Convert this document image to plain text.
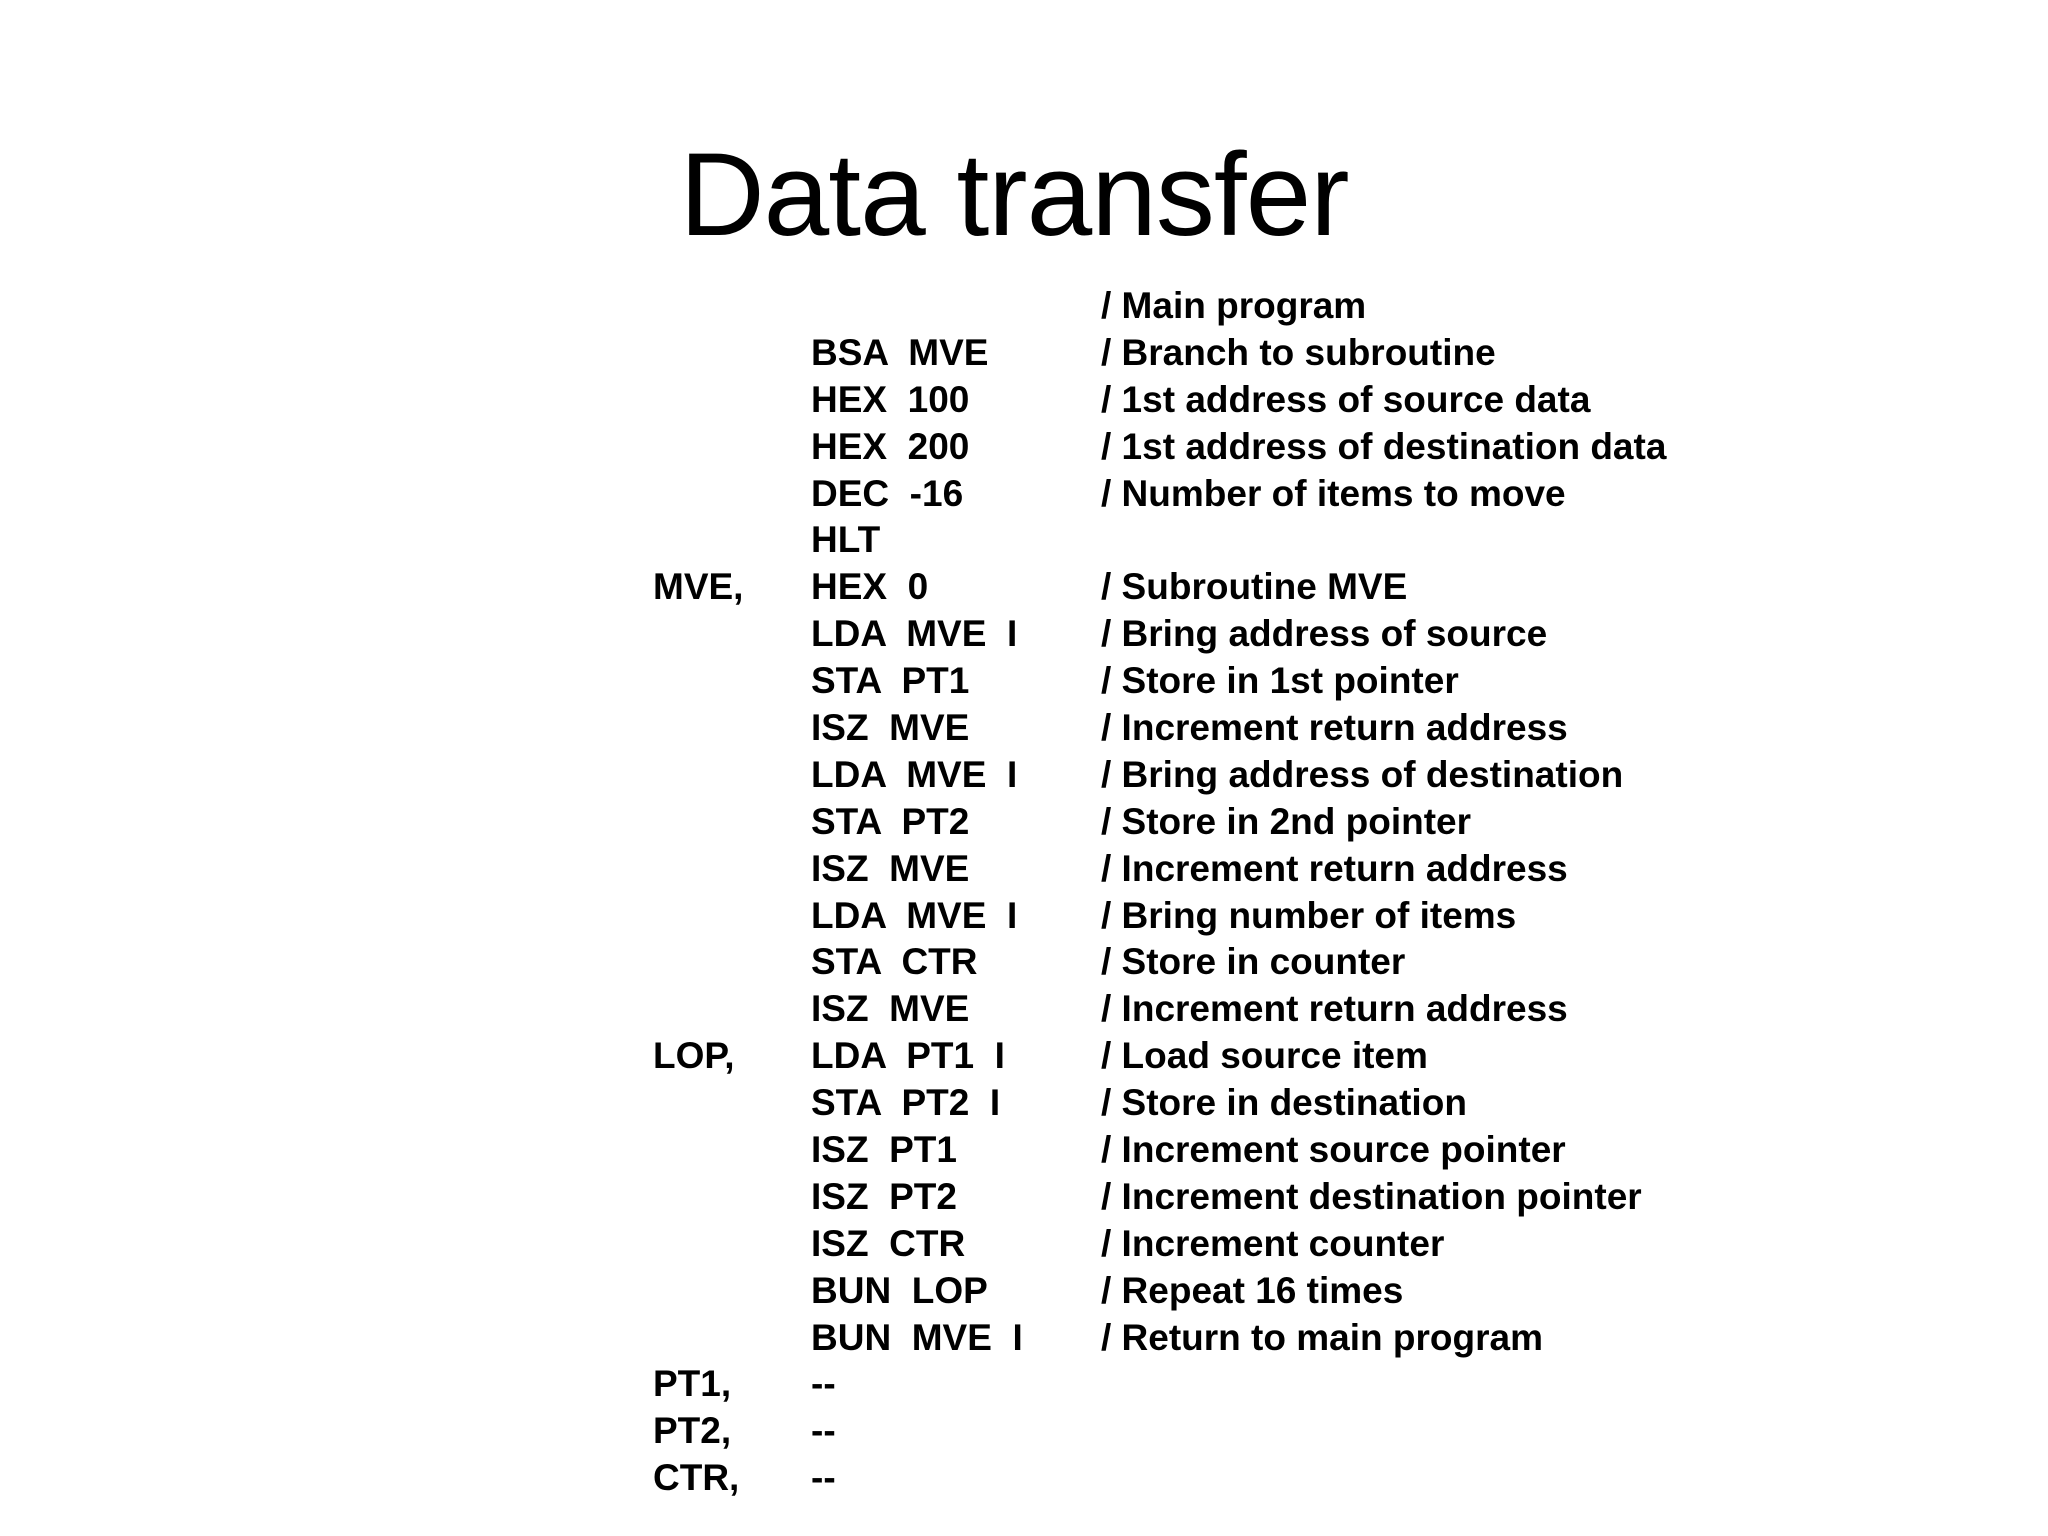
Data transfer
/ Main program
BSA  MVE	/ Branch to subroutine
HEX  100	/ 1st address of source data
HEX  200	/ 1st address of destination data
DEC  -16	/ Number of items to move
HLT
MVE, HEX  0	/ Subroutine MVE
LDA  MVE  I / Bring address of source
STA  PT1	/ Store in 1st pointer
ISZ  MVE	/ Increment return address
LDA  MVE  I / Bring address of destination
STA  PT2	/ Store in 2nd pointer
ISZ  MVE	/ Increment return address
LDA  MVE  I / Bring number of items
STA  CTR	/ Store in counter
ISZ  MVE	/ Increment return address
LOP, LDA  PT1  I	/ Load source item
STA  PT2  I	/ Store in destination
ISZ  PT1	/ Increment source pointer
ISZ  PT2	/ Increment destination pointer
ISZ  CTR	/ Increment counter
BUN  LOP	/ Repeat 16 times
BUN  MVE  I / Return to main program
PT1, --
PT2, --
CTR, --
